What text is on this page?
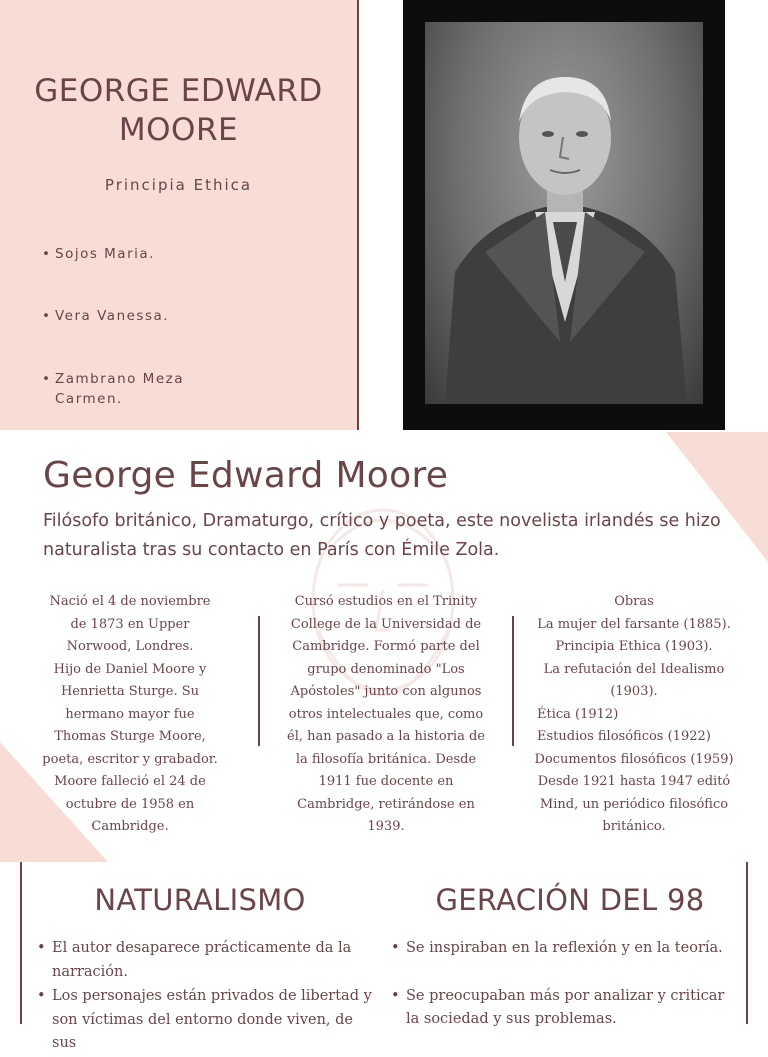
GEORGE EDWARD
MOORE
Principia Ethica
• Sojos Maria.
• Vera Vanessa.
• Zambrano Meza
Carmen.
George Edward Moore
Filósofo británico, Dramaturgo, crítico y poeta, este novelista irlandés se hizo naturalista tras su contacto en París con Émile Zola.
Nació el 4 de noviembre
de 1873 en Upper
Norwood, Londres.
Hijo de Daniel Moore y
Henrietta Sturge. Su
hermano mayor fue
Thomas Sturge Moore,
poeta, escritor y grabador.
Moore falleció el 24 de
octubre de 1958 en
Cambridge.
Cursó estudios en el Trinity
College de la Universidad de
Cambridge. Formó parte del
grupo denominado "Los
Apóstoles" junto con algunos
otros intelectuales que, como
él, han pasado a la historia de
la filosofía británica. Desde
1911 fue docente en
Cambridge, retirándose en
1939.
Obras
La mujer del farsante (1885).
Principia Ethica (1903).
La refutación del Idealismo
(1903).
Ética (1912)
Estudios filosóficos (1922)
Documentos filosóficos (1959)
Desde 1921 hasta 1947 editó
Mind, un periódico filosófico
británico.
NATURALISMO
• El autor desaparece prácticamente da la narración.
• Los personajes están privados de libertad y son víctimas del entorno donde viven, de sus
GERACIÓN DEL 98
• Se inspiraban en la reflexión y en la teoría.
• Se preocupaban más por analizar y criticar la sociedad y sus problemas.
